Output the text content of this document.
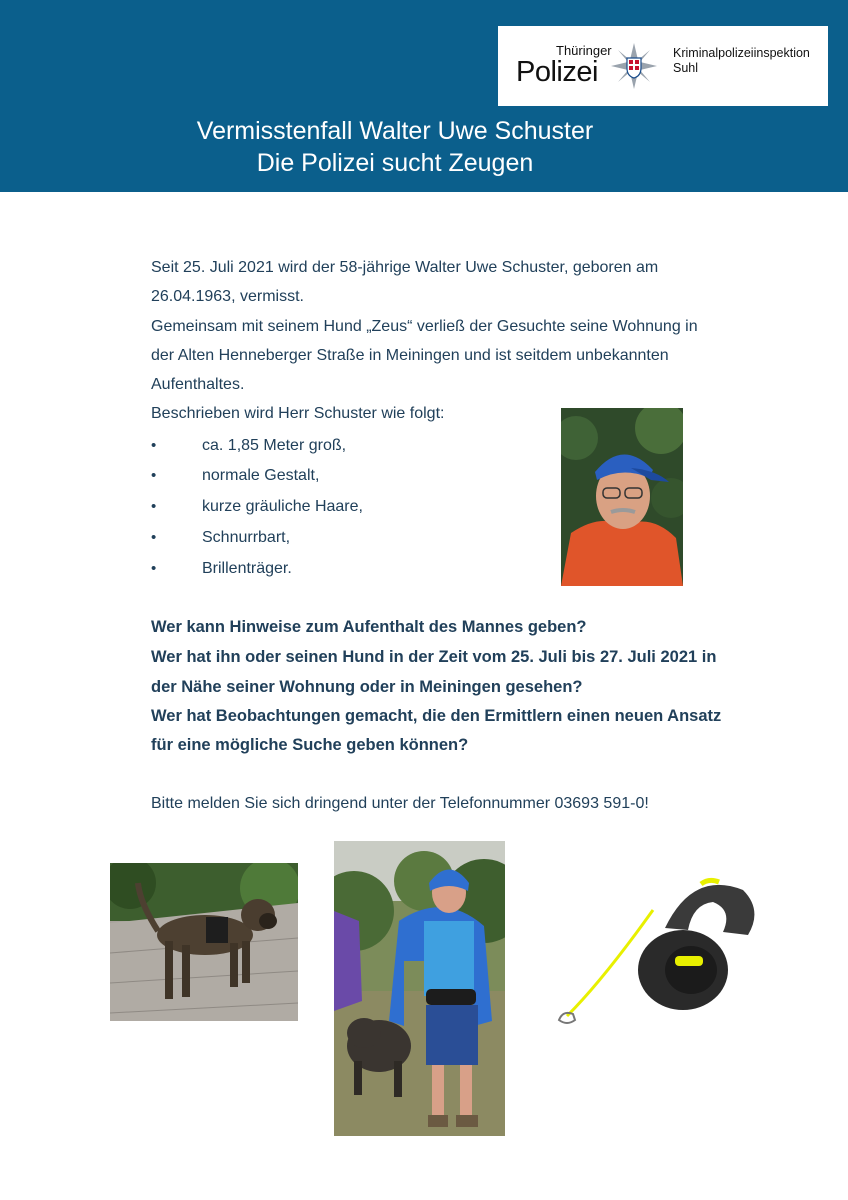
Thüringer
Polizei
Kriminalpolizeiinspektion
Suhl
Vermisstenfall Walter Uwe Schuster
Die Polizei sucht Zeugen
Seit 25. Juli 2021 wird der 58-jährige Walter Uwe Schuster, geboren am
26.04.1963, vermisst.
Gemeinsam mit seinem Hund „Zeus“ verließ der Gesuchte seine Wohnung in
der Alten Henneberger Straße in Meiningen und ist seitdem unbekannten
Aufenthaltes.
Beschrieben wird Herr Schuster wie folgt:
•	ca. 1,85 Meter groß,
•	normale Gestalt,
•	kurze gräuliche Haare,
•	Schnurrbart,
•	Brillenträger.
Wer kann Hinweise zum Aufenthalt des Mannes geben?
Wer hat ihn oder seinen Hund in der Zeit vom 25. Juli bis 27. Juli 2021 in
der Nähe seiner Wohnung oder in Meiningen gesehen?
Wer hat Beobachtungen gemacht, die den Ermittlern einen neuen Ansatz
für eine mögliche Suche geben können?
Bitte melden Sie sich dringend unter der Telefonnummer 03693 591-0!
